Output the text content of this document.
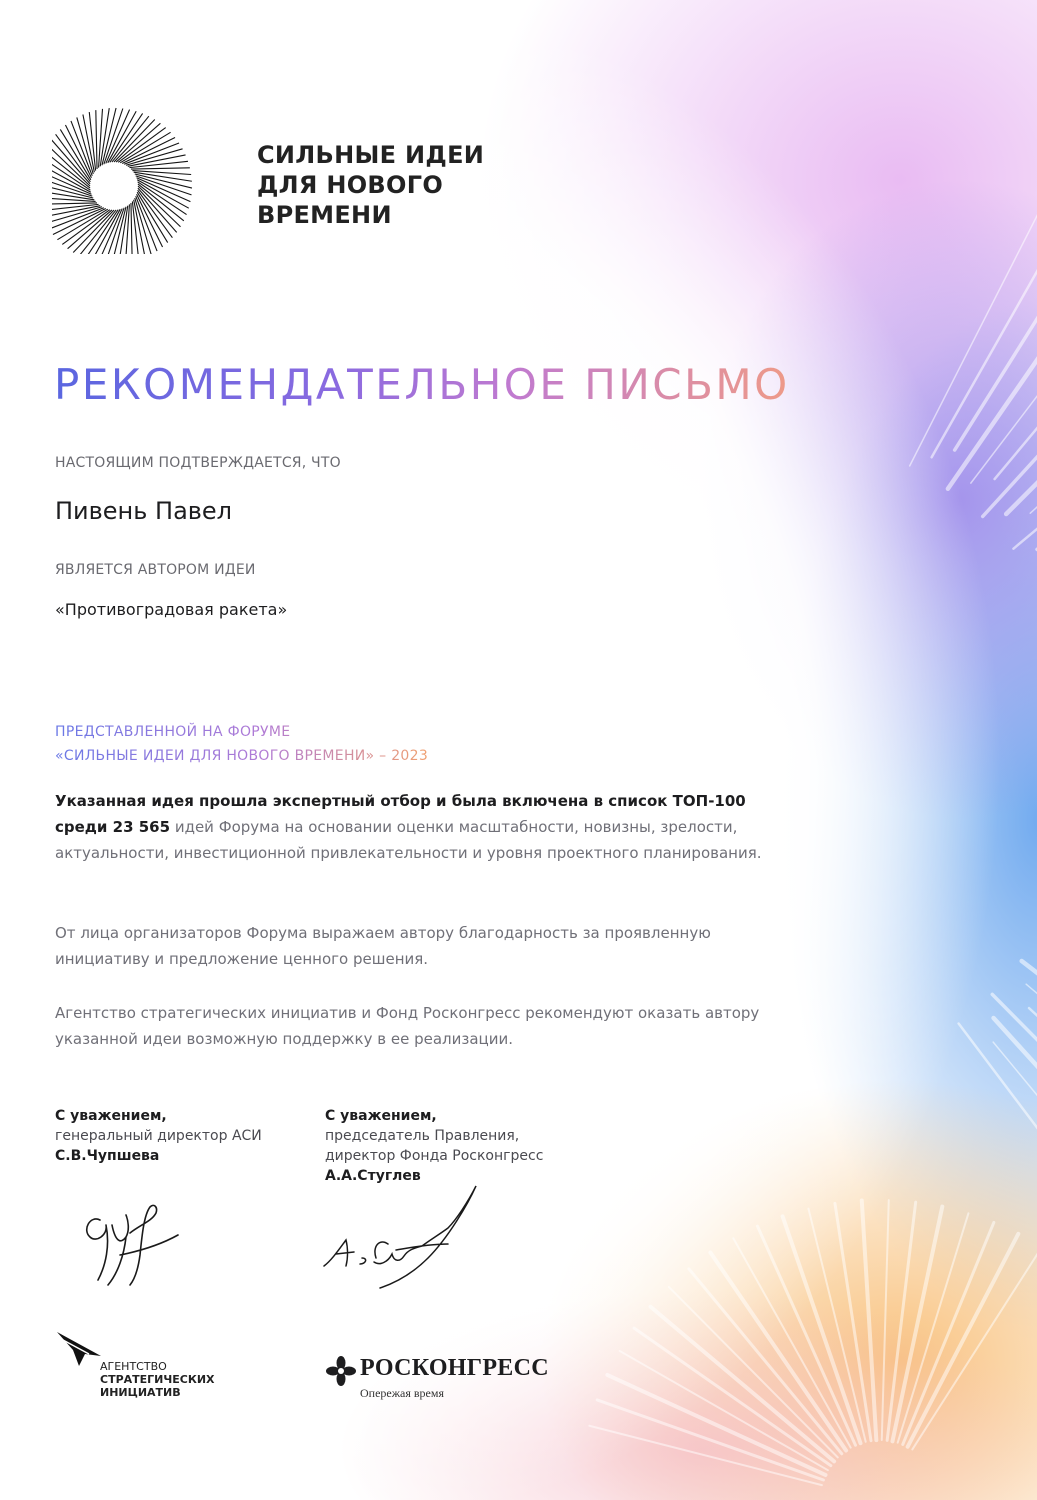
СИЛЬНЫЕ ИДЕИ
ДЛЯ НОВОГО
ВРЕМЕНИ
РЕКОМЕНДАТЕЛЬНОЕ ПИСЬМО
НАСТОЯЩИМ ПОДТВЕРЖДАЕТСЯ, ЧТО
Пивень Павел
ЯВЛЯЕТСЯ АВТОРОМ ИДЕИ
«Противоградовая ракета»
ПРЕДСТАВЛЕННОЙ НА ФОРУМЕ
«СИЛЬНЫЕ ИДЕИ ДЛЯ НОВОГО ВРЕМЕНИ» – 2023
Указанная идея прошла экспертный отбор и была включена в список ТОП-100 среди 23 565 идей Форума на основании оценки масштабности, новизны, зрелости, актуальности, инвестиционной привлекательности и уровня проектного планирования.
От лица организаторов Форума выражаем автору благодарность за проявленную инициативу и предложение ценного решения.
Агентство стратегических инициатив и Фонд Росконгресс рекомендуют оказать автору указанной идеи возможную поддержку в ее реализации.
С уважением,
генеральный директор АСИ
С.В.Чупшева
С уважением,
председатель Правления,
директор Фонда Росконгресс
А.А.Стуглев
АГЕНТСТВО
СТРАТЕГИЧЕСКИХ
ИНИЦИАТИВ
РОСКОНГРЕСС
Опережая время
